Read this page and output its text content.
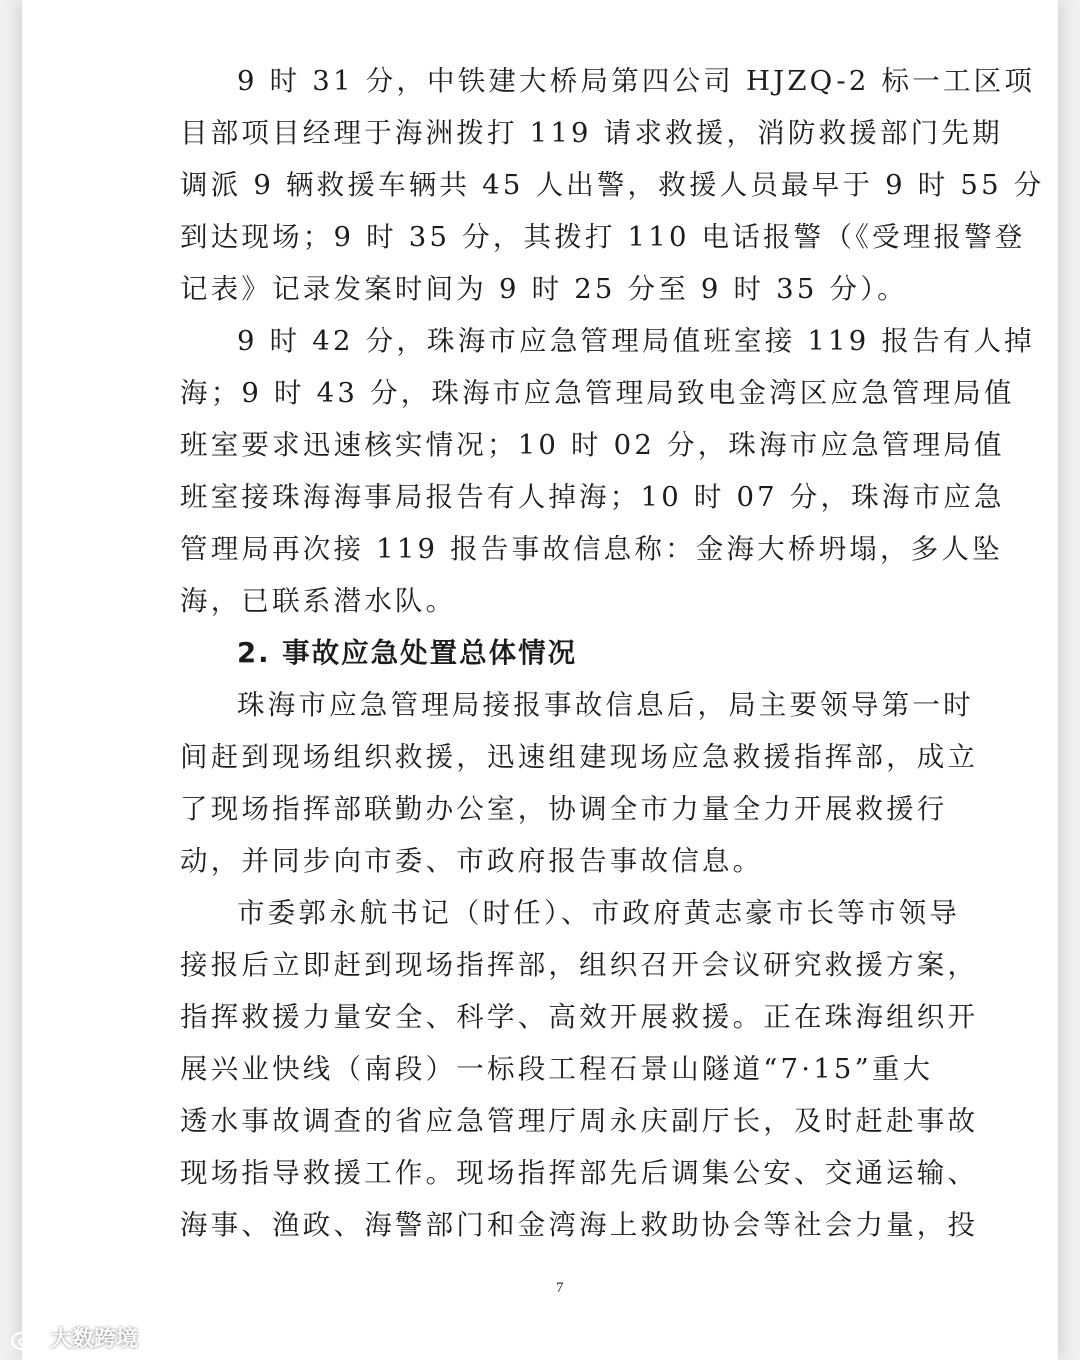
9 时 31 分，中铁建大桥局第四公司 HJZQ-2 标一工区项
目部项目经理于海洲拨打 119 请求救援，消防救援部门先期
调派 9 辆救援车辆共 45 人出警，救援人员最早于 9 时 55 分
到达现场；9 时 35 分，其拨打 110 电话报警（《受理报警登
记表》记录发案时间为 9 时 25 分至 9 时 35 分）。
9 时 42 分，珠海市应急管理局值班室接 119 报告有人掉
海；9 时 43 分，珠海市应急管理局致电金湾区应急管理局值
班室要求迅速核实情况；10 时 02 分，珠海市应急管理局值
班室接珠海海事局报告有人掉海；10 时 07 分，珠海市应急
管理局再次接 119 报告事故信息称：金海大桥坍塌，多人坠
海，已联系潜水队。
2. 事故应急处置总体情况
珠海市应急管理局接报事故信息后，局主要领导第一时
间赶到现场组织救援，迅速组建现场应急救援指挥部，成立
了现场指挥部联勤办公室，协调全市力量全力开展救援行
动，并同步向市委、市政府报告事故信息。
市委郭永航书记（时任）、市政府黄志豪市长等市领导
接报后立即赶到现场指挥部，组织召开会议研究救援方案，
指挥救援力量安全、科学、高效开展救援。正在珠海组织开
展兴业快线（南段）一标段工程石景山隧道“7·15”重大
透水事故调查的省应急管理厅周永庆副厅长，及时赶赴事故
现场指导救援工作。现场指挥部先后调集公安、交通运输、
海事、渔政、海警部门和金湾海上救助协会等社会力量，投
7
大数跨境
